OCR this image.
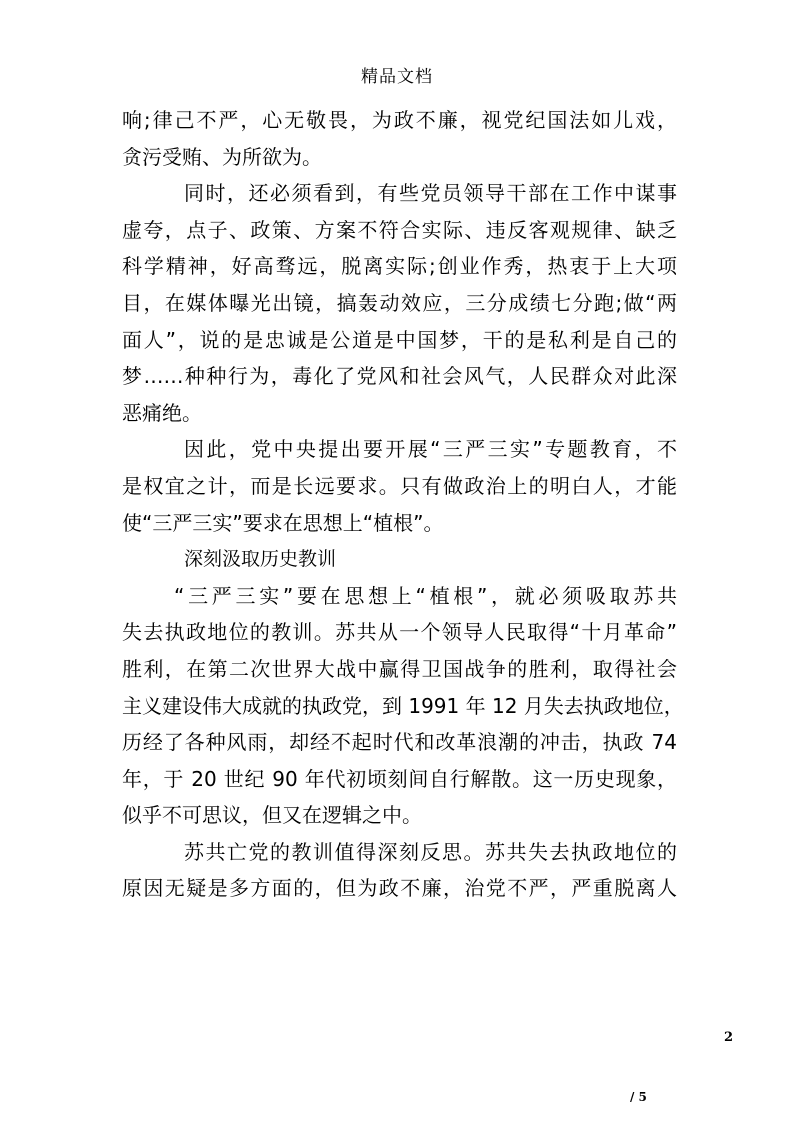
精品文档
响;律己不严，心无敬畏，为政不廉，视党纪国法如儿戏，
贪污受贿、为所欲为。
同时，还必须看到，有些党员领导干部在工作中谋事
虚夸，点子、政策、方案不符合实际、违反客观规律、缺乏
科学精神，好高骛远，脱离实际;创业作秀，热衷于上大项
目，在媒体曝光出镜，搞轰动效应，三分成绩七分跑;做“两
面人”，说的是忠诚是公道是中国梦，干的是私利是自己的
梦……种种行为，毒化了党风和社会风气，人民群众对此深
恶痛绝。
因此，党中央提出要开展“三严三实”专题教育，不
是权宜之计，而是长远要求。只有做政治上的明白人，才能
使“三严三实”要求在思想上“植根”。
深刻汲取历史教训
“三严三实”要在思想上“植根”，就必须吸取苏共
失去执政地位的教训。苏共从一个领导人民取得“十月革命”
胜利，在第二次世界大战中赢得卫国战争的胜利，取得社会
主义建设伟大成就的执政党，到 1991 年 12 月失去执政地位，
历经了各种风雨，却经不起时代和改革浪潮的冲击，执政 74
年，于 20 世纪 90 年代初顷刻间自行解散。这一历史现象，
似乎不可思议，但又在逻辑之中。
苏共亡党的教训值得深刻反思。苏共失去执政地位的
原因无疑是多方面的，但为政不廉，治党不严，严重脱离人
2
/ 5
